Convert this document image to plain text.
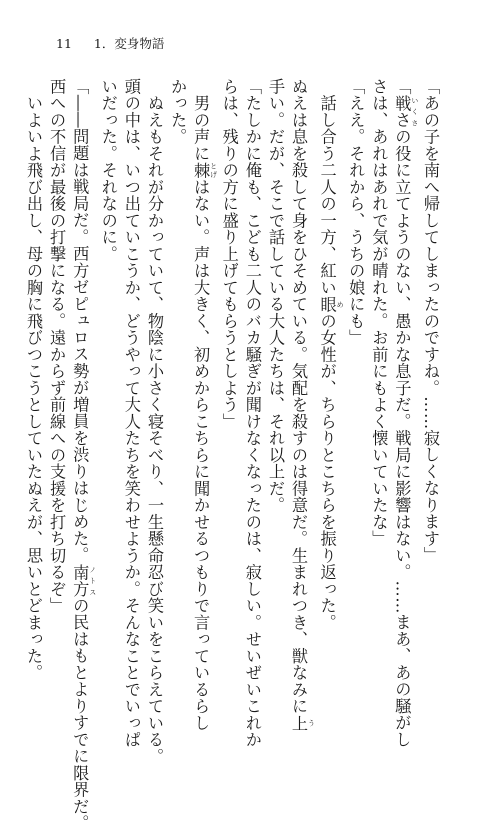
11 1．変身物語
「あの子を南へ帰してしまったのですね。……寂しくなります」
「戦さ いくさの役に立てようのない、愚かな息子だ。戦局に影響はない。……まあ、あの騒がし
さは、あれはあれで気が晴れた。お前にもよく懐いていたな」
「ええ。それから、うちの娘にも」
　話し合う二人の一方、紅い眼 めの女性が、ちらりとこちらを振り返った。
ぬえは息を殺して身をひそめている。気配を殺すのは得意だ。生まれつき、獣なみに上 う
手い。だが、そこで話している大人たちは、それ以上だ。
「たしかに俺も、こども二人のバカ騒ぎが聞けなくなったのは、寂しい。せいぜいこれか
らは、残りの方に盛り上げてもらうとしよう」
　男の声に棘 とげはない。声は大きく、初めからこちらに聞かせるつもりで言っているらし
かった。
　ぬえもそれが分かっていて、物陰に小さく寝そべり、一生懸命忍び笑いをこらえている。
頭の中は、いつ出ていこうか、どうやって大人たちを笑わせようか。そんなことでいっぱ
いだった。それなのに。
「――問題は戦局だ。西方ゼピュロス勢が増員を渋りはじめた。南方 ノトスの民はもとよりすでに限界だ。
西への不信が最後の打撃になる。遠からず前線への支援を打ち切るぞ」
　いよいよ飛び出し、母の胸に飛びつこうとしていたぬえが、思いとどまった。
